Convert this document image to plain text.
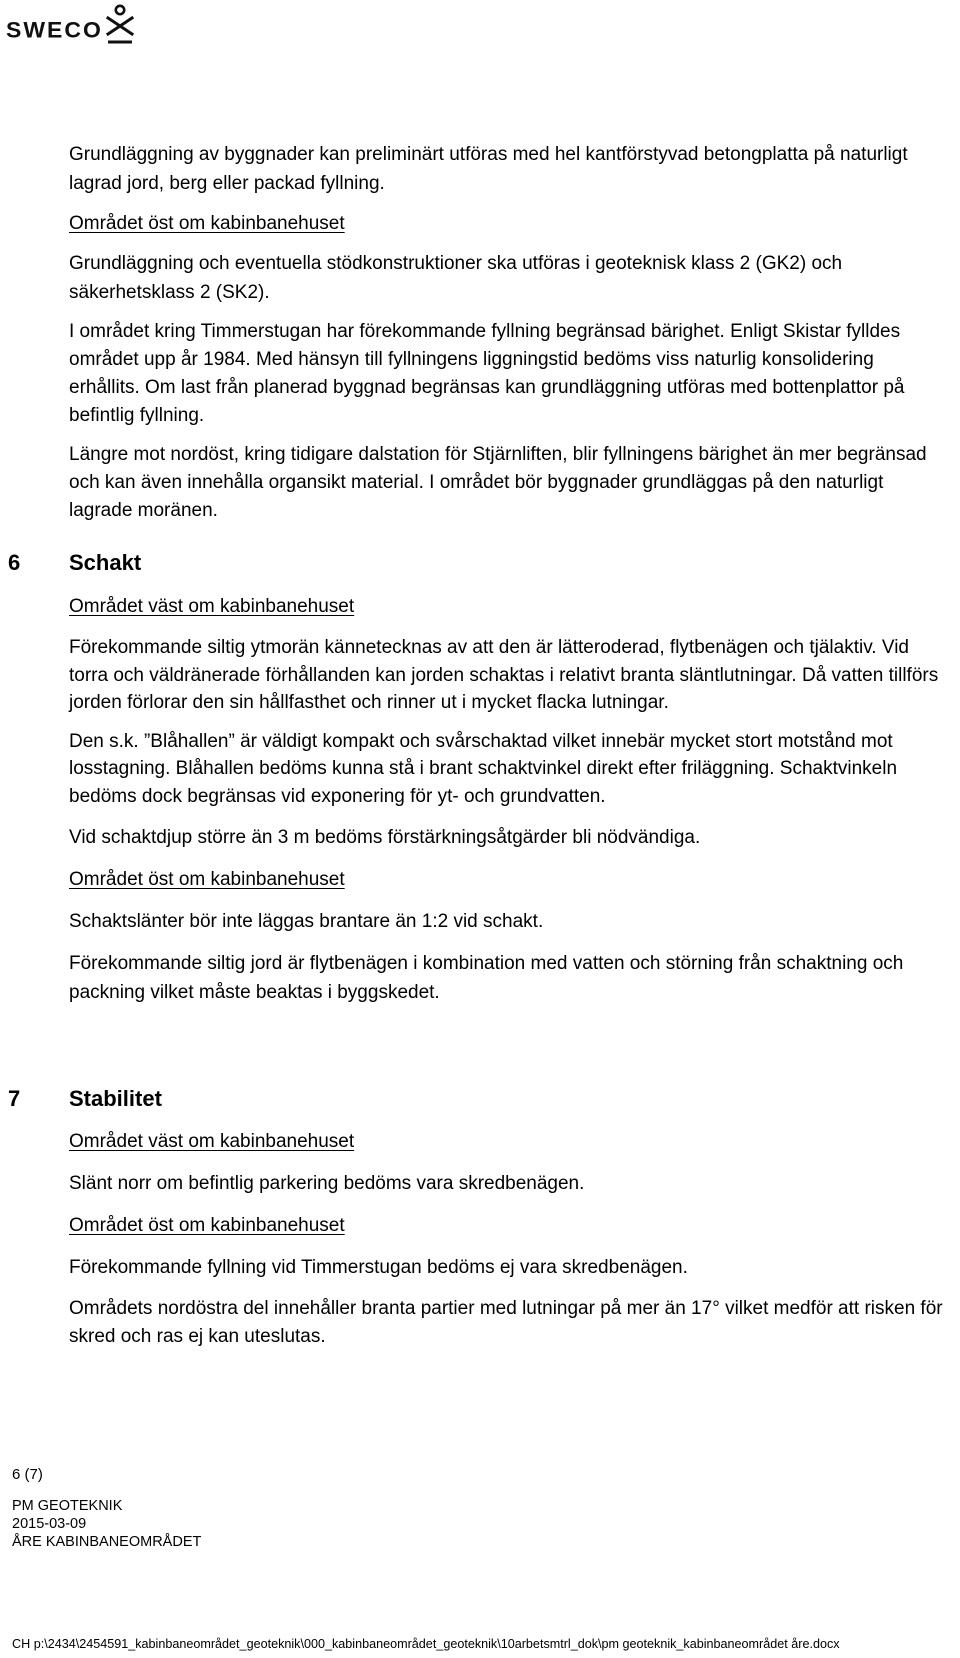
SWECO

Grundläggning av byggnader kan preliminärt utföras med hel kantförstyvad betongplatta på naturligt lagrad jord, berg eller packad fyllning.

Området öst om kabinbanehuset

Grundläggning och eventuella stödkonstruktioner ska utföras i geoteknisk klass 2 (GK2) och säkerhetsklass 2 (SK2).

I området kring Timmerstugan har förekommande fyllning begränsad bärighet. Enligt Skistar fylldes området upp år 1984. Med hänsyn till fyllningens liggningstid bedöms viss naturlig konsolidering erhållits. Om last från planerad byggnad begränsas kan grundläggning utföras med bottenplattor på befintlig fyllning.

Längre mot nordöst, kring tidigare dalstation för Stjärnliften, blir fyllningens bärighet än mer begränsad och kan även innehålla organsikt material. I området bör byggnader grundläggas på den naturligt lagrade moränen.

6 Schakt

Området väst om kabinbanehuset

Förekommande siltig ytmorän kännetecknas av att den är lätteroderad, flytbenägen och tjälaktiv. Vid torra och väldränerade förhållanden kan jorden schaktas i relativt branta släntlutningar. Då vatten tillförs jorden förlorar den sin hållfasthet och rinner ut i mycket flacka lutningar.

Den s.k. ”Blåhallen” är väldigt kompakt och svårschaktad vilket innebär mycket stort motstånd mot losstagning. Blåhallen bedöms kunna stå i brant schaktvinkel direkt efter friläggning. Schaktvinkeln bedöms dock begränsas vid exponering för yt- och grundvatten.

Vid schaktdjup större än 3 m bedöms förstärkningsåtgärder bli nödvändiga.

Området öst om kabinbanehuset

Schaktslänter bör inte läggas brantare än 1:2 vid schakt.

Förekommande siltig jord är flytbenägen i kombination med vatten och störning från schaktning och packning vilket måste beaktas i byggskedet.

7 Stabilitet

Området väst om kabinbanehuset

Slänt norr om befintlig parkering bedöms vara skredbenägen.

Området öst om kabinbanehuset

Förekommande fyllning vid Timmerstugan bedöms ej vara skredbenägen.

Områdets nordöstra del innehåller branta partier med lutningar på mer än 17° vilket medför att risken för skred och ras ej kan uteslutas.

6 (7)
PM GEOTEKNIK
2015-03-09
ÅRE KABINBANEOMRÅDET
CH p:\2434\2454591_kabinbaneområdet_geoteknik\000_kabinbaneområdet_geoteknik\10arbetsmtrl_dok\pm geoteknik_kabinbaneområdet åre.docx
